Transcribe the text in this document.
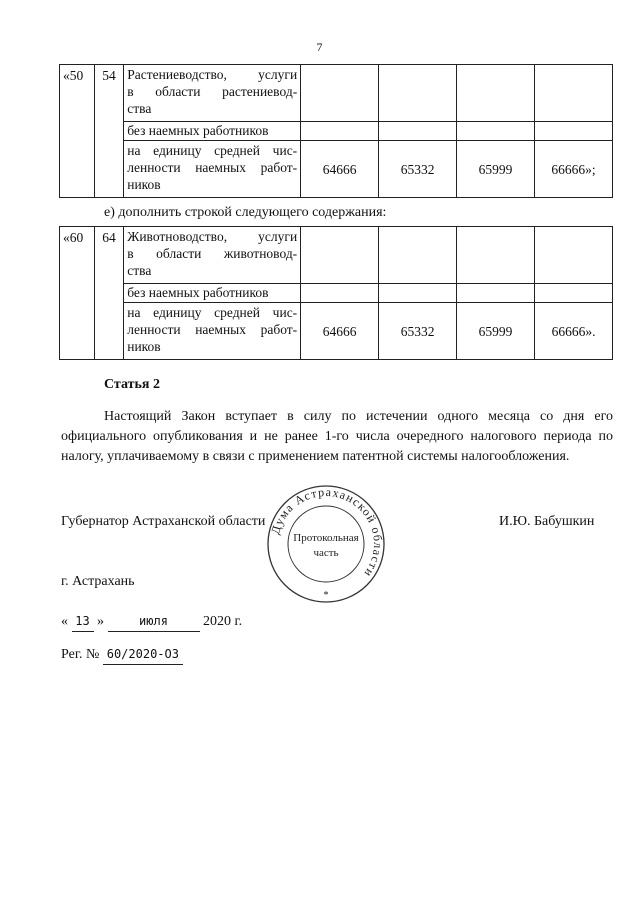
7
«50	54	Растениеводство, услуги
в области растениевод-
ства				

		без наемных работников				

		на единицу средней чис-
ленности наемных работ-
ников	64666	65332	65999	66666»;
е) дополнить строкой следующего содержания:
«60	64	Животноводство, услуги
в области животновод-
ства				

		без наемных работников				

		на единицу средней чис-
ленности наемных работ-
ников	64666	65332	65999	66666».
Статья 2
Настоящий Закон вступает в силу по истечении одного месяца со дня его официального опубликования и не ранее 1-го числа очередного налогового периода по налогу, уплачиваемому в связи с применением патентной системы налогообложения.
Губернатор Астраханской области	И.Ю. Бабушкин
Дума Астраханской области
Протокольная
часть
*
г. Астрахань
« 13 »	июля	2020 г.
Рег. № 60/2020-ОЗ
